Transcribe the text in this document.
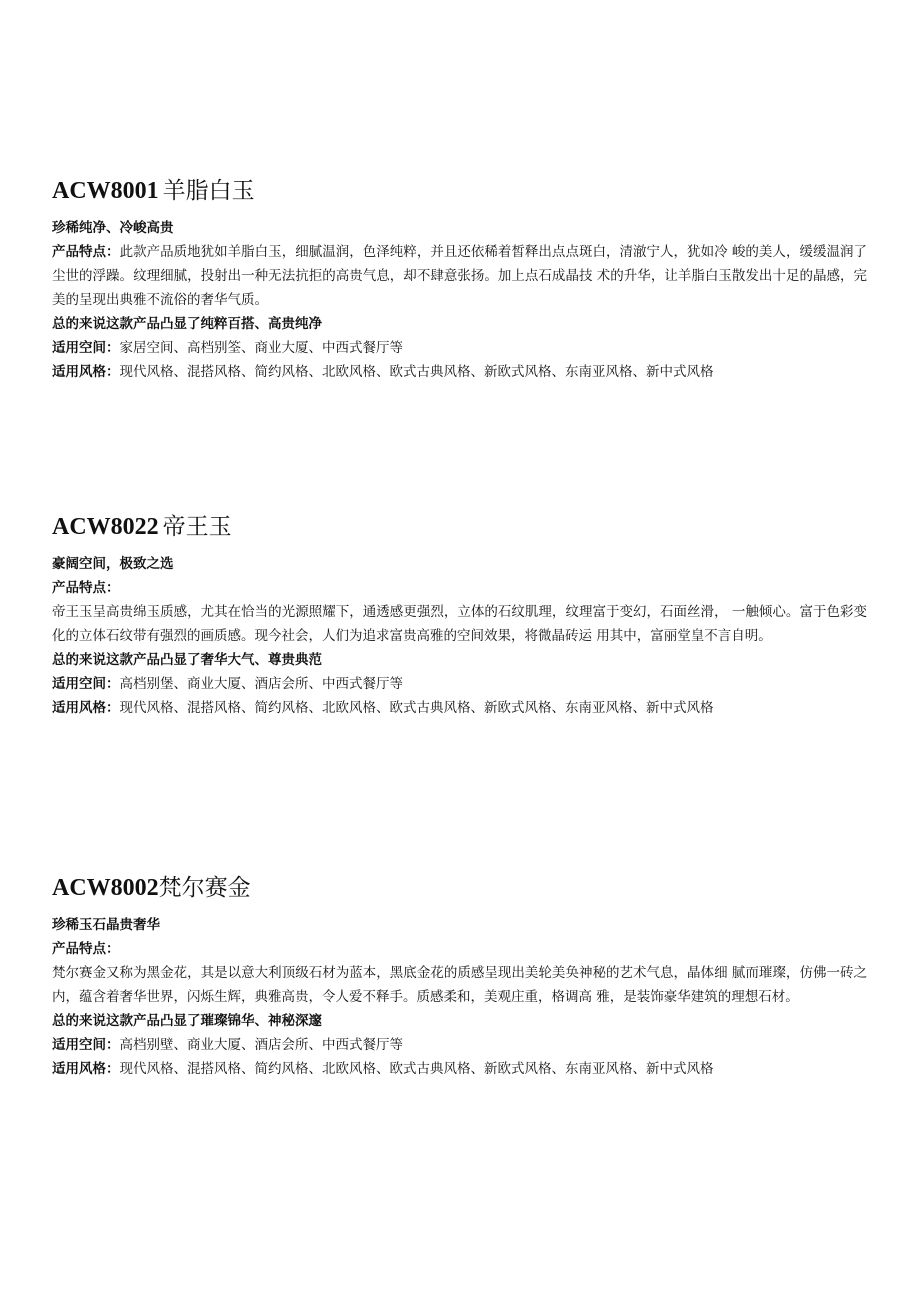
ACW8001 羊脂白玉

珍稀纯净、冷峻高贵

产品特点：此款产品质地犹如羊脂白玉，细腻温润，色泽纯粹，并且还依稀着皙释出点点斑白，清澈宁人，犹如冷 峻的美人，缓缓温润了尘世的浮躁。纹理细腻，投射出一种无法抗拒的高贵气息，却不肆意张扬。加上点石成晶技 术的升华，让羊脂白玉散发出十足的晶感，完美的呈现出典雅不流俗的奢华气质。

总的来说这款产品凸显了纯粹百搭、高贵纯净

适用空间：家居空间、高档别筌、商业大厦、中西式餐厅等

适用风格：现代风格、混搭风格、简约风格、北欧风格、欧式古典风格、新欧式风格、东南亚风格、新中式风格

ACW8022 帝王玉

豪阔空间，极致之选

产品特点：

帝王玉呈高贵绵玉质感，尤其在恰当的光源照耀下，通透感更强烈，立体的石纹肌理，纹理富于变幻，石面丝滑， 一触倾心。富于色彩变化的立体石纹带有强烈的画质感。现今社会，人们为追求富贵高雅的空间效果，将微晶砖运 用其中，富丽堂皇不言自明。

总的来说这款产品凸显了奢华大气、尊贵典范

适用空间：高档别堡、商业大厦、酒店会所、中西式餐厅等

适用风格：现代风格、混搭风格、简约风格、北欧风格、欧式古典风格、新欧式风格、东南亚风格、新中式风格

ACW8002梵尔赛金

珍稀玉石晶贵奢华

产品特点：

梵尔赛金又称为黑金花，其是以意大利顶级石材为蓝本，黑底金花的质感呈现出美轮美奂神秘的艺术气息，晶体细 腻而璀璨，仿佛一砖之内，蕴含着奢华世界，闪烁生辉，典雅高贵，令人爱不释手。质感柔和，美观庄重，格调高 雅，是装饰豪华建筑的理想石材。

总的来说这款产品凸显了璀璨锦华、神秘深邃

适用空间：高档别壁、商业大厦、酒店会所、中西式餐厅等

适用风格：现代风格、混搭风格、简约风格、北欧风格、欧式古典风格、新欧式风格、东南亚风格、新中式风格
